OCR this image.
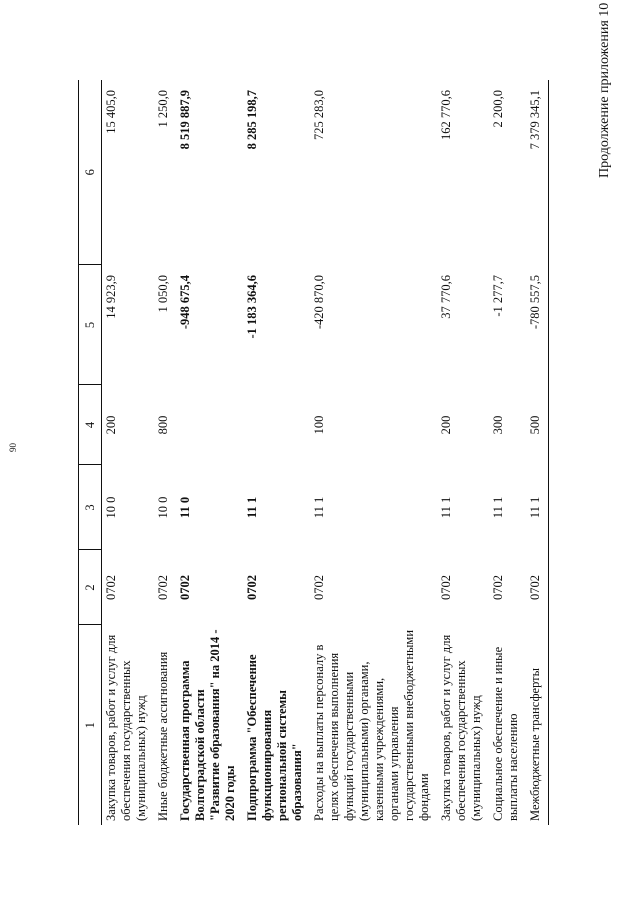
90
Продолжение приложения 10
1	2	3	4	5	6
Закупка товаров, работ и услуг для обеспечения государственных (муниципальных) нужд	0702	10 0	200	14 923,9	15 405,0
Иные бюджетные ассигнования	0702	10 0	800	1 050,0	1 250,0
Государственная программа Волгоградской области "Развитие образования" на 2014 - 2020 годы	0702	11 0		-948 675,4	8 519 887,9
Подпрограмма "Обеспечение функционирования региональной системы образования"	0702	11 1		-1 183 364,6	8 285 198,7
Расходы на выплаты персоналу в целях обеспечения выполнения функций государственными (муниципальными) органами, казенными учреждениями, органами управления государственными внебюджетными фондами	0702	11 1	100	-420 870,0	725 283,0
Закупка товаров, работ и услуг для обеспечения государственных (муниципальных) нужд	0702	11 1	200	37 770,6	162 770,6
Социальное обеспечение и иные выплаты населению	0702	11 1	300	-1 277,7	2 200,0
Межбюджетные трансферты	0702	11 1	500	-780 557,5	7 379 345,1
